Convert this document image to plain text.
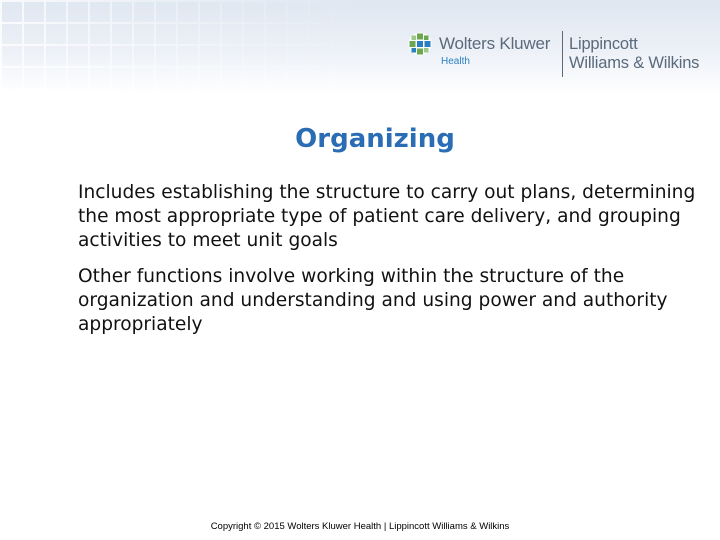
Wolters Kluwer
Health
Lippincott
Williams & Wilkins
Organizing
Includes establishing the structure to carry out plans, determining the most appropriate type of patient care delivery, and grouping activities to meet unit goals
Other functions involve working within the structure of the organization and understanding and using power and authority appropriately
Copyright © 2015 Wolters Kluwer Health | Lippincott Williams & Wilkins
